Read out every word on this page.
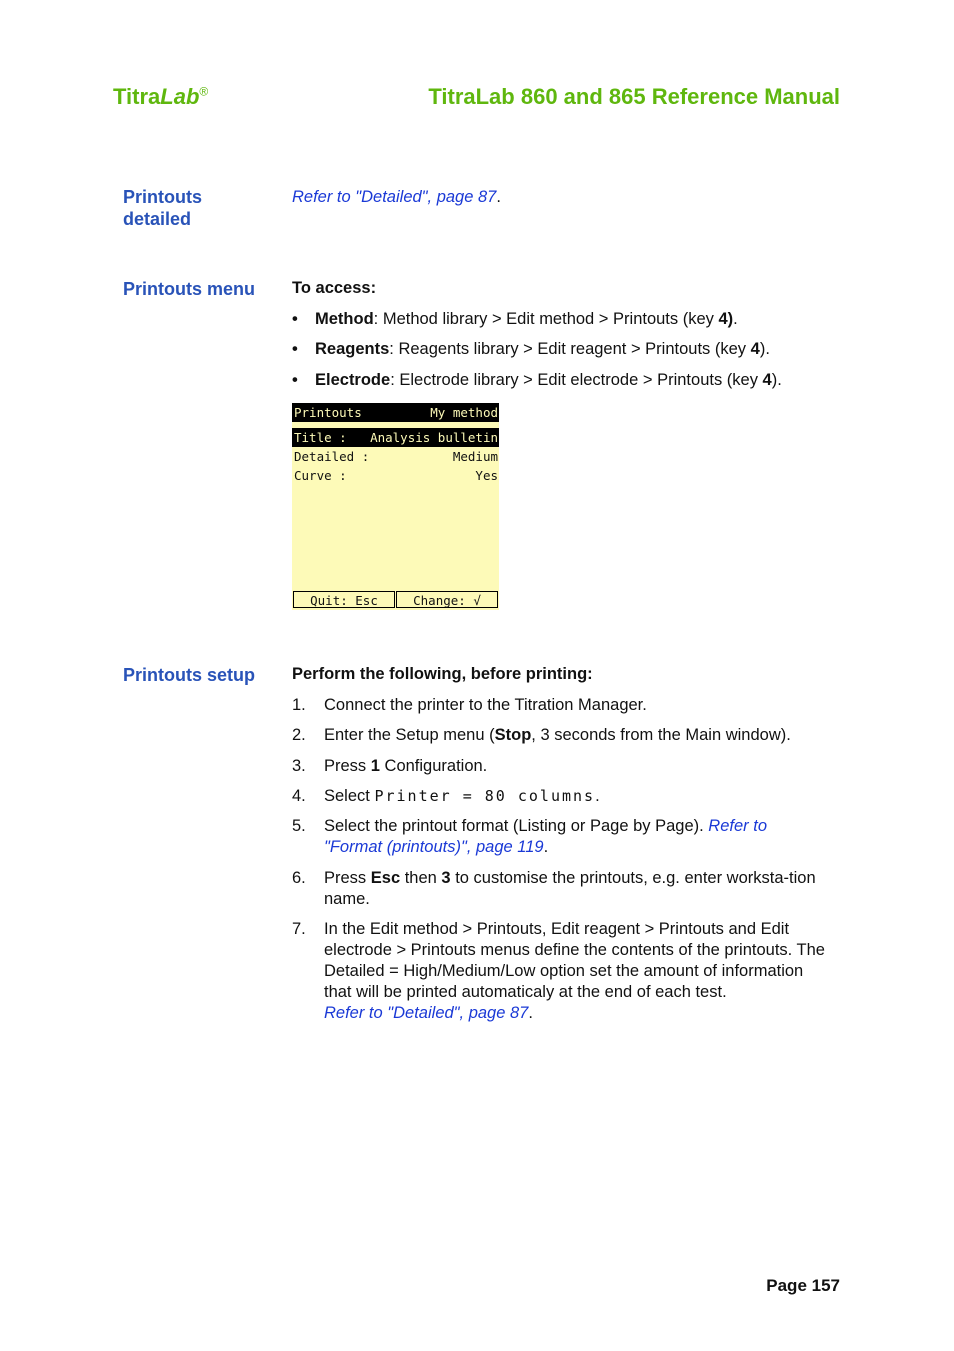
TitraLab®	TitraLab 860 and 865 Reference Manual
Printouts
detailed
Refer to "Detailed", page 87.
Printouts menu To access:
• Method: Method library > Edit method > Printouts (key 4).
• Reagents: Reagents library > Edit reagent > Printouts (key 4).
• Electrode: Electrode library > Edit electrode > Printouts (key 4).
Printouts	My method
Title : Analysis bulletin
Detailed :	Medium
Curve :	Yes
Quit: Esc	Change: √
Printouts setup Perform the following, before printing:
1. Connect the printer to the Titration Manager.
2. Enter the Setup menu (Stop, 3 seconds from the Main window).
3. Press 1 Configuration.
4. Select Printer = 80 columns.
5. Select the printout format (Listing or Page by Page). Refer to "Format (printouts)", page 119.
6. Press Esc then 3 to customise the printouts, e.g. enter worksta-tion name.
7. In the Edit method > Printouts, Edit reagent > Printouts and Edit electrode > Printouts menus define the contents of the printouts. The Detailed = High/Medium/Low option set the amount of information that will be printed automaticaly at the end of each test.
Refer to "Detailed", page 87.
Page 157
